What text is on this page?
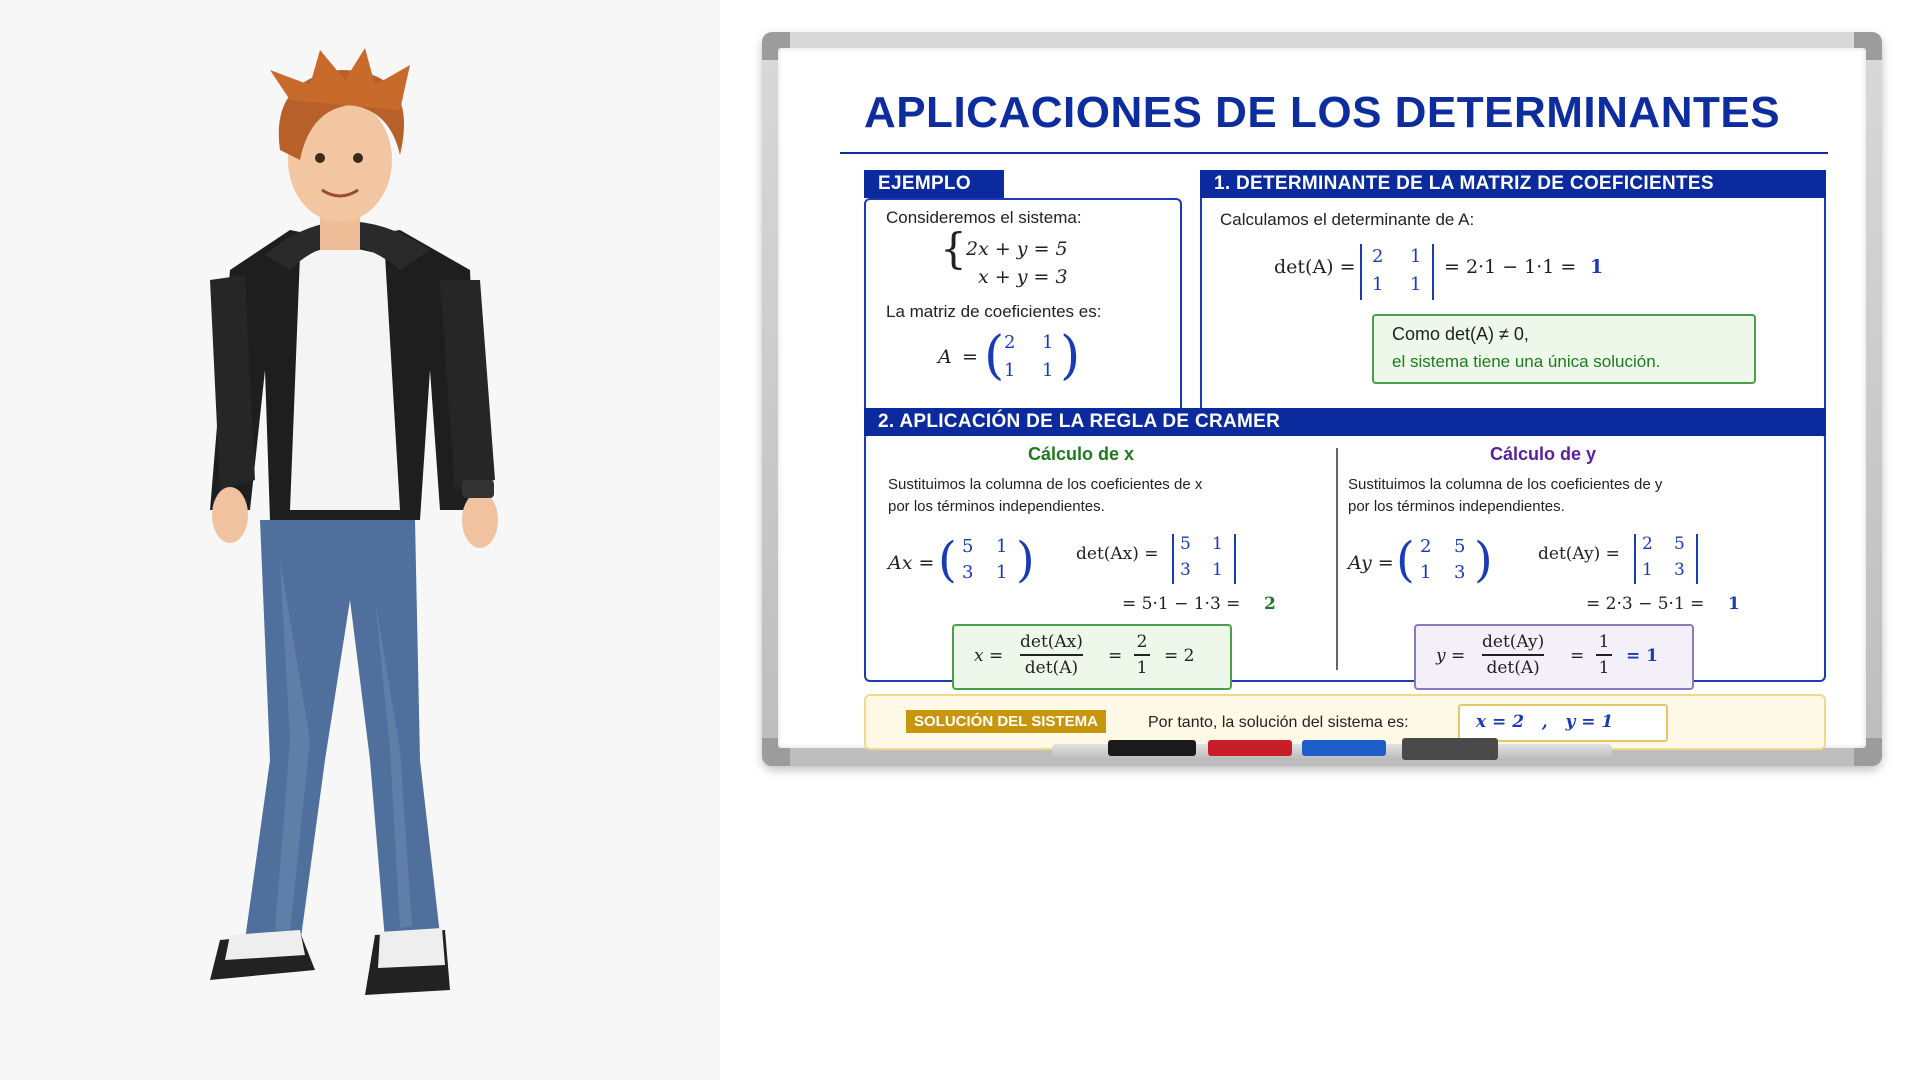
APLICACIONES DE LOS DETERMINANTES
EJEMPLO
Consideremos el sistema:
{ 2x + y = 5
x + y = 3
La matriz de coeficientes es:
A = ( 2 1
1 1 )
1. DETERMINANTE DE LA MATRIZ DE COEFICIENTES
Calculamos el determinante de A:
det(A) = 2 1
1 1
= 2·1 − 1·1 = 1
Como det(A) ≠ 0,
el sistema tiene una única solución.
2. APLICACIÓN DE LA REGLA DE CRAMER
Cálculo de x
Sustituimos la columna de los coeficientes de x
por los términos independientes.
Ax = ( 5 1
3 1 ) det(Ax) = 5 1
3 1
= 5·1 − 1·3 = 2
x =
det(Ax)
det(A)
=
2
1
= 2
Cálculo de y
Sustituimos la columna de los coeficientes de y
por los términos independientes.
Ay = ( 2 5
1 3 )	det(Ay) = 2 5
1 3
= 2·3 − 5·1 = 1
y =
det(Ay)
det(A)
=
1
1
= 1
SOLUCIÓN DEL SISTEMA	Por tanto, la solución del sistema es:	x = 2   ,   y = 1
